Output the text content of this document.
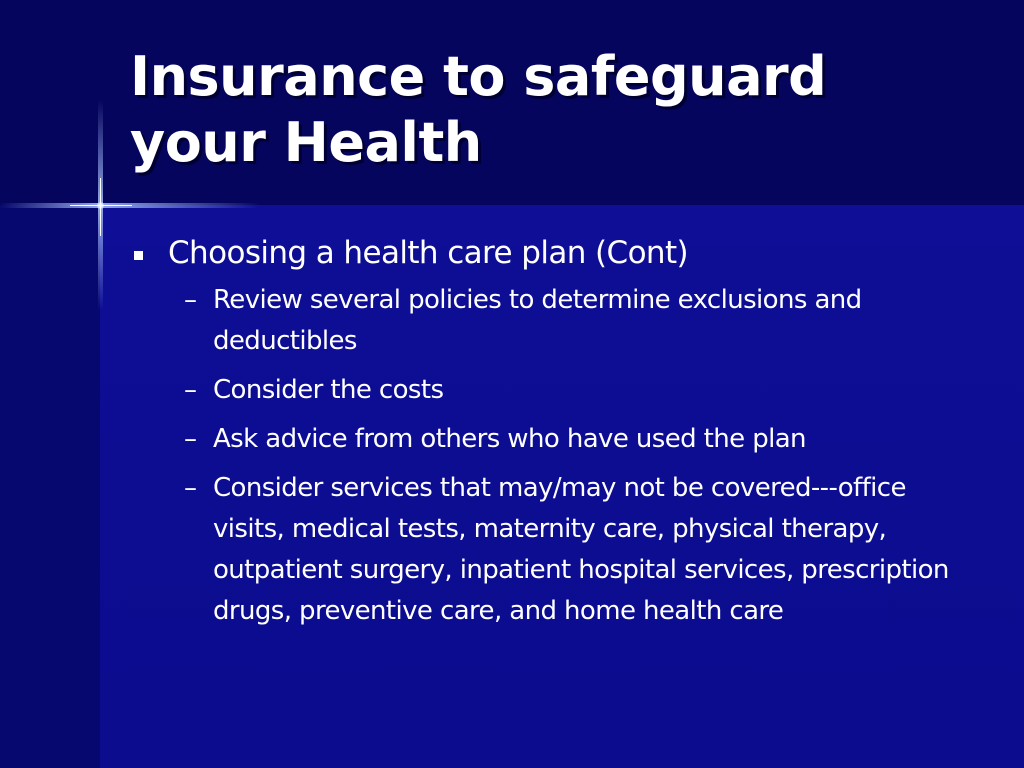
Insurance to safeguard
your Health
Choosing a health care plan (Cont)
– Review several policies to determine exclusions and deductibles
– Consider the costs
– Ask advice from others who have used the plan
– Consider services that may/may not be covered---office visits, medical tests, maternity care, physical therapy, outpatient surgery, inpatient hospital services, prescription drugs, preventive care, and home health care
